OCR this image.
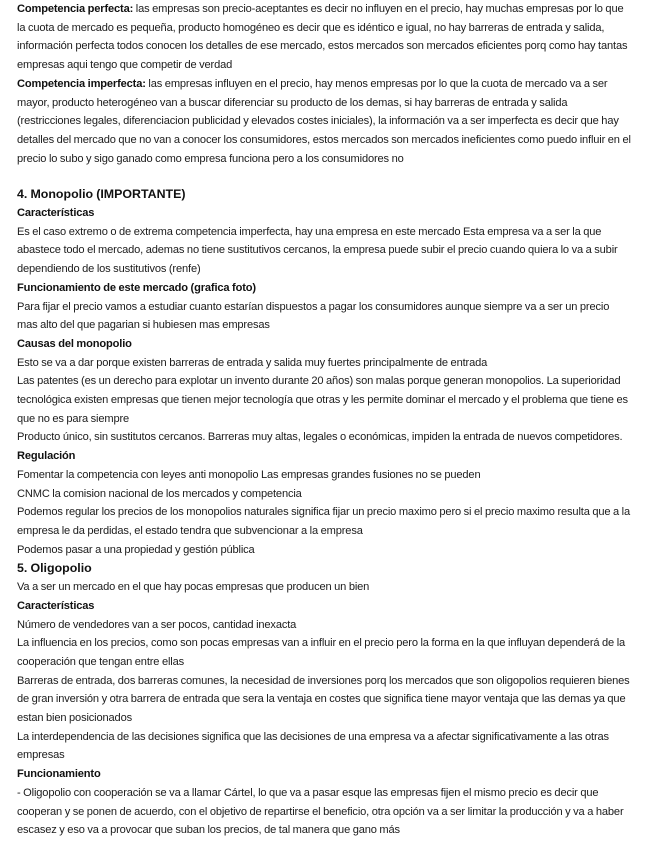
Competencia perfecta: las empresas son precio-aceptantes es decir no influyen en el precio, hay muchas empresas por lo que la cuota de mercado es pequeña, producto homogéneo es decir que es idéntico e igual, no hay barreras de entrada y salida, información perfecta todos conocen los detalles de ese mercado, estos mercados son mercados eficientes porq como hay tantas empresas aqui tengo que competir de verdad

Competencia imperfecta: las empresas influyen en el precio, hay menos empresas por lo que la cuota de mercado va a ser mayor, producto heterogéneo van a buscar diferenciar su producto de los demas, si hay barreras de entrada y salida (restricciones legales, diferenciacion publicidad y elevados costes iniciales), la información va a ser imperfecta es decir que hay detalles del mercado que no van a conocer los consumidores, estos mercados son mercados ineficientes como puedo influir en el precio lo subo y sigo ganado como empresa funciona pero a los consumidores no

4. Monopolio (IMPORTANTE)

Características

Es el caso extremo o de extrema competencia imperfecta, hay una empresa en este mercado Esta empresa va a ser la que abastece todo el mercado, ademas no tiene sustitutivos cercanos, la empresa puede subir el precio cuando quiera lo va a subir dependiendo de los sustitutivos (renfe)

Funcionamiento de este mercado (grafica foto)

Para fijar el precio vamos a estudiar cuanto estarían dispuestos a pagar los consumidores aunque siempre va a ser un precio mas alto del que pagarian si hubiesen mas empresas

Causas del monopolio

Esto se va a dar porque existen barreras de entrada y salida muy fuertes principalmente de entrada

Las patentes (es un derecho para explotar un invento durante 20 años) son malas porque generan monopolios. La superioridad tecnológica existen empresas que tienen mejor tecnología que otras y les permite dominar el mercado y el problema que tiene es que no es para siempre

Producto único, sin sustitutos cercanos. Barreras muy altas, legales o económicas, impiden la entrada de nuevos competidores.

Regulación

Fomentar la competencia con leyes anti monopolio Las empresas grandes fusiones no se pueden

CNMC la comision nacional de los mercados y competencia

Podemos regular los precios de los monopolios naturales significa fijar un precio maximo pero si el precio maximo resulta que a la empresa le da perdidas, el estado tendra que subvencionar a la empresa

Podemos pasar a una propiedad y gestión pública

5. Oligopolio

Va a ser un mercado en el que hay pocas empresas que producen un bien

Características

Número de vendedores van a ser pocos, cantidad inexacta

La influencia en los precios, como son pocas empresas van a influir en el precio pero la forma en la que influyan dependerá de la cooperación que tengan entre ellas

Barreras de entrada, dos barreras comunes, la necesidad de inversiones porq los mercados que son oligopolios requieren bienes de gran inversión y otra barrera de entrada que sera la ventaja en costes que significa tiene mayor ventaja que las demas ya que estan bien posicionados

La interdependencia de las decisiones significa que las decisiones de una empresa va a afectar significativamente a las otras empresas

Funcionamiento

- Oligopolio con cooperación se va a llamar Cártel, lo que va a pasar esque las empresas fijen el mismo precio es decir que cooperan y se ponen de acuerdo, con el objetivo de repartirse el beneficio, otra opción va a ser limitar la producción y va a haber escasez y eso va a provocar que suban los precios, de tal manera que gano más
